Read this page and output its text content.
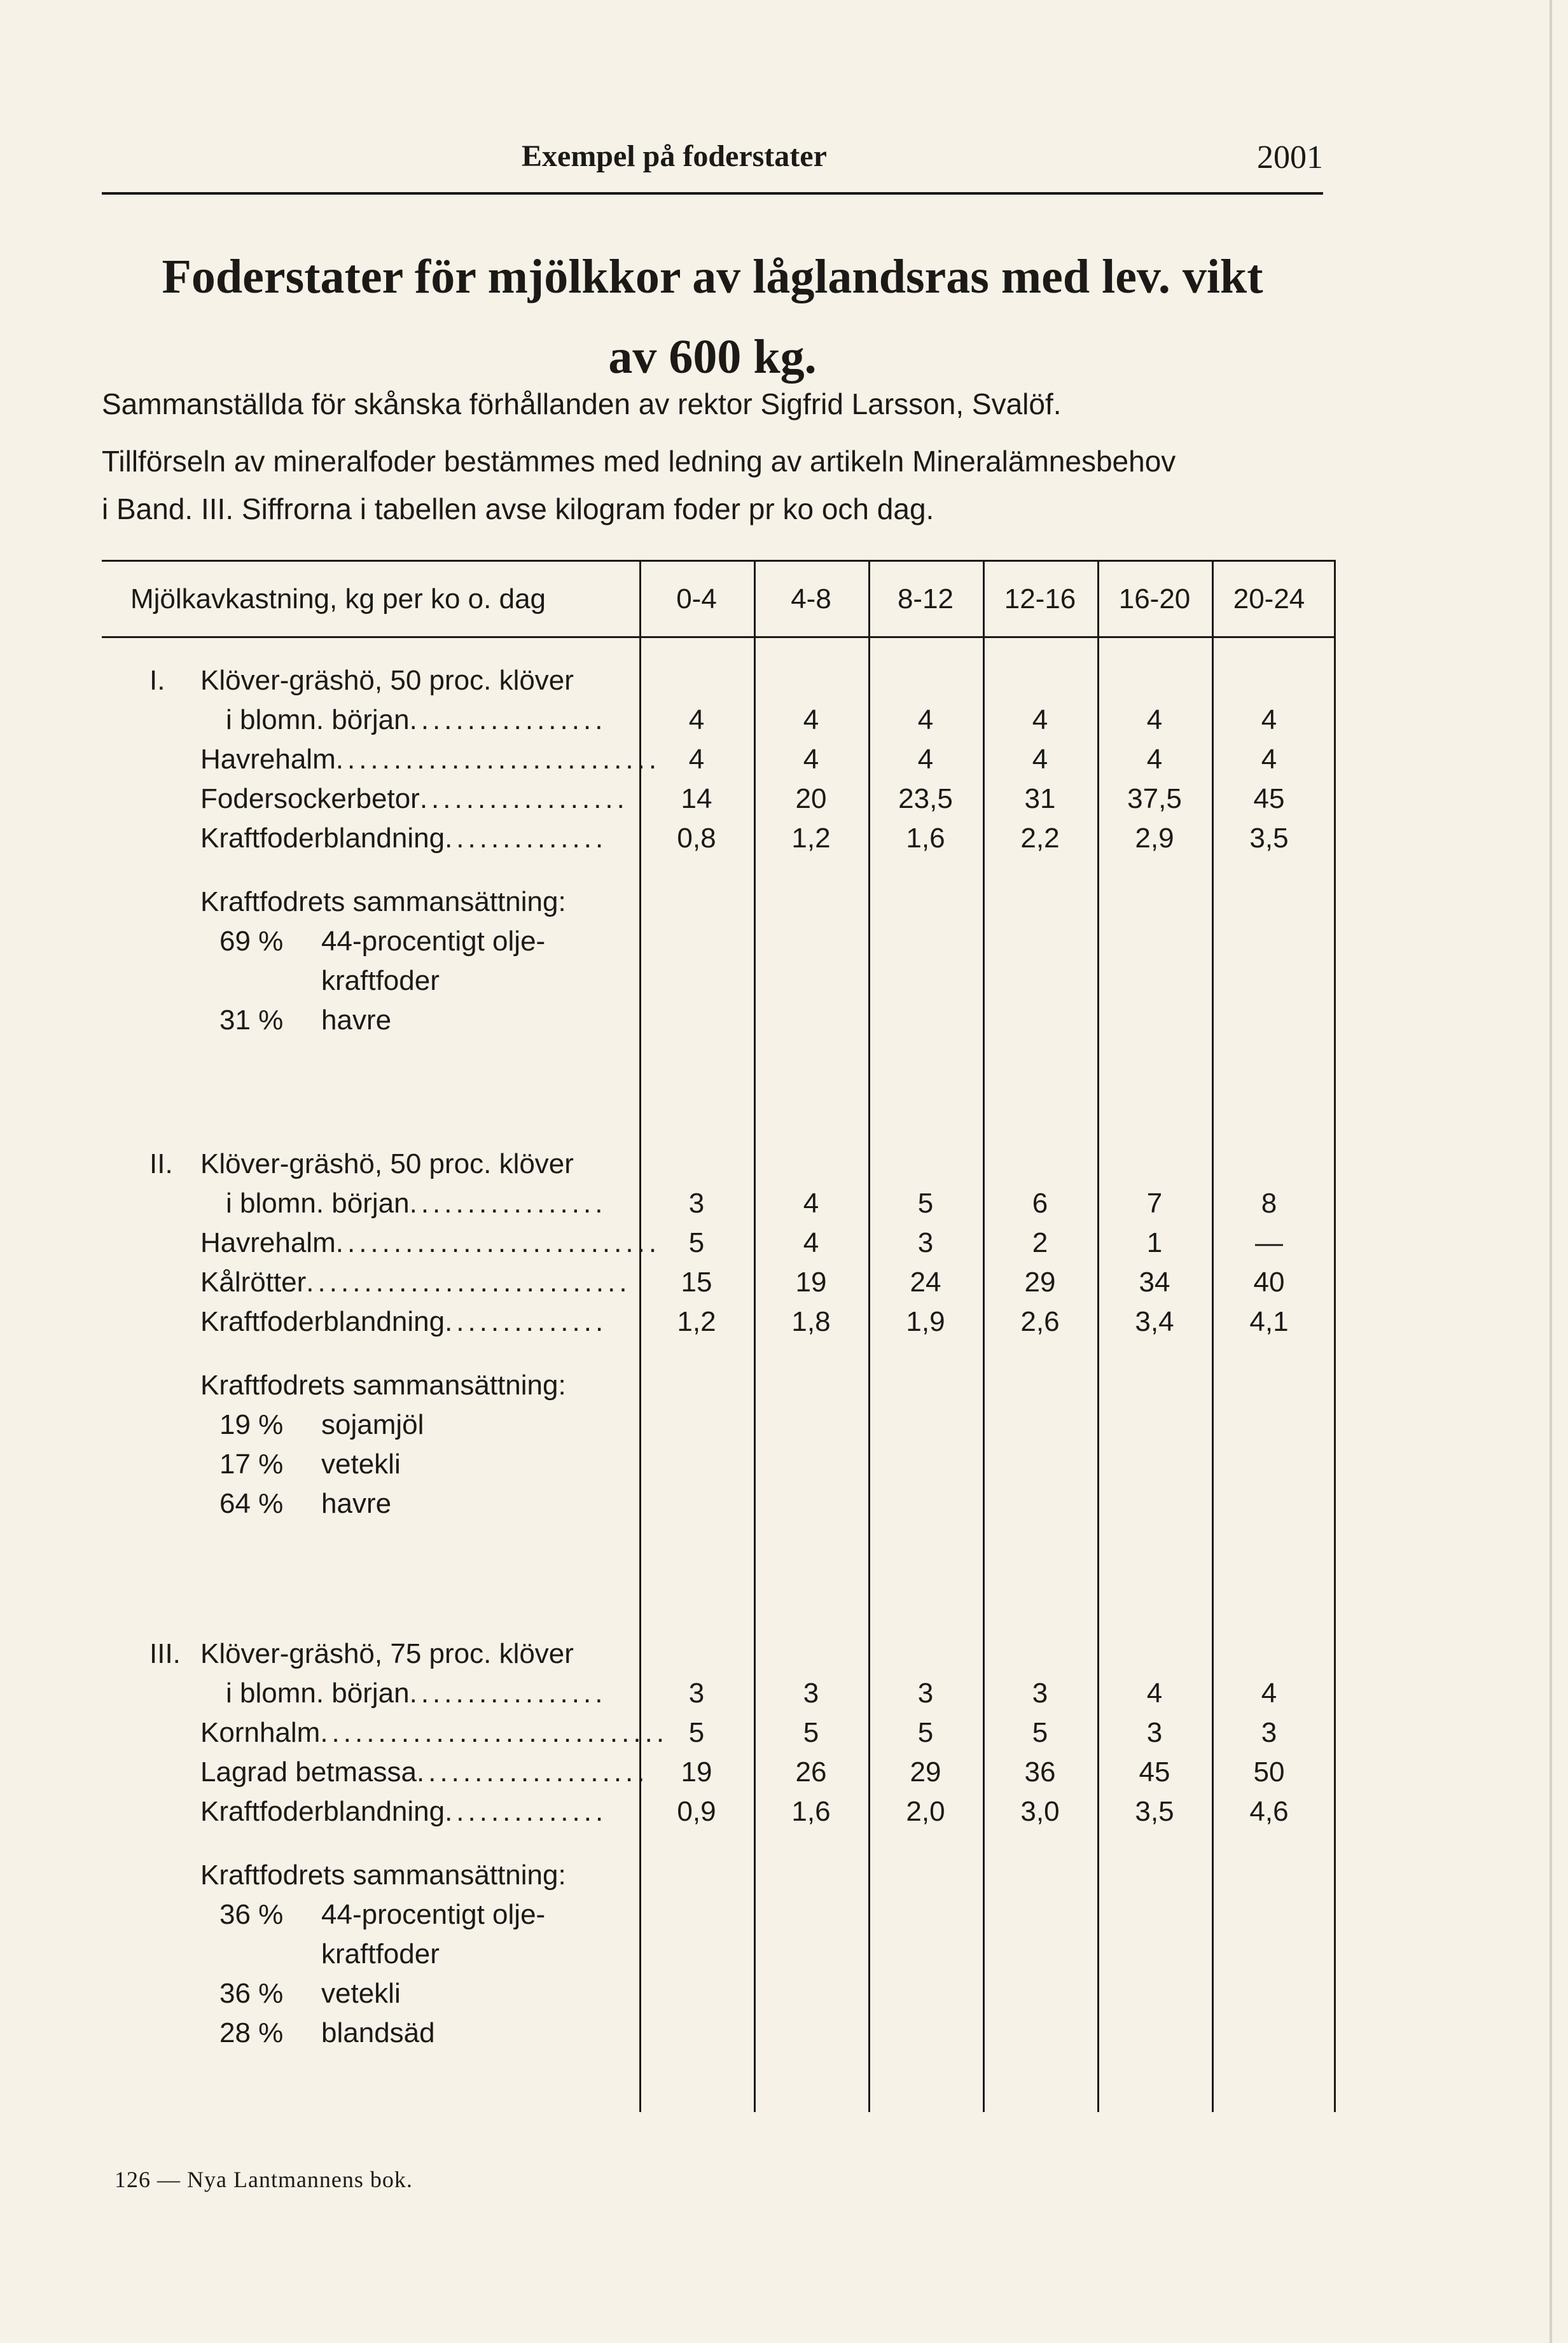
Exempel på foderstater	2001
Foderstater för mjölkkor av låglandsras med lev. vikt
av 600 kg.
Sammanställda för skånska förhållanden av rektor Sigfrid Larsson, Svalöf.
Tillförseln av mineralfoder bestämmes med ledning av artikeln Mineralämnesbehov
i Band. III. Siffrorna i tabellen avse kilogram foder pr ko och dag.
Mjölkavkastning, kg per ko o. dag	0-4	4-8	8-12	12-16	16-20	20-24
I. Klöver-gräshö, 50 proc. klöver
i blomn. början.................	4	4	4	4	4	4
Havrehalm............................	4	4	4	4	4	4
Fodersockerbetor..................	14	20	23,5	31	37,5	45
Kraftfoderblandning..............	0,8	1,2	1,6	2,2	2,9	3,5
Kraftfodrets sammansättning:
69 % 44-procentigt olje-
kraftfoder
31 % havre
II. Klöver-gräshö, 50 proc. klöver
i blomn. början.................	3	4	5	6	7	8
Havrehalm............................	5	4	3	2	1	—
Kålrötter............................	15	19	24	29	34	40
Kraftfoderblandning..............	1,2	1,8	1,9	2,6	3,4	4,1
Kraftfodrets sammansättning:
19 % sojamjöl
17 % vetekli
64 % havre
III. Klöver-gräshö, 75 proc. klöver
i blomn. början.................	3	3	3	3	4	4
Kornhalm.............................. 5	5	5	5	3	3
Lagrad betmassa....................	19	26	29	36	45	50
Kraftfoderblandning..............	0,9	1,6	2,0	3,0	3,5	4,6
Kraftfodrets sammansättning:
36 % 44-procentigt olje-
kraftfoder
36 % vetekli
28 % blandsäd
126 — Nya Lantmannens bok.
